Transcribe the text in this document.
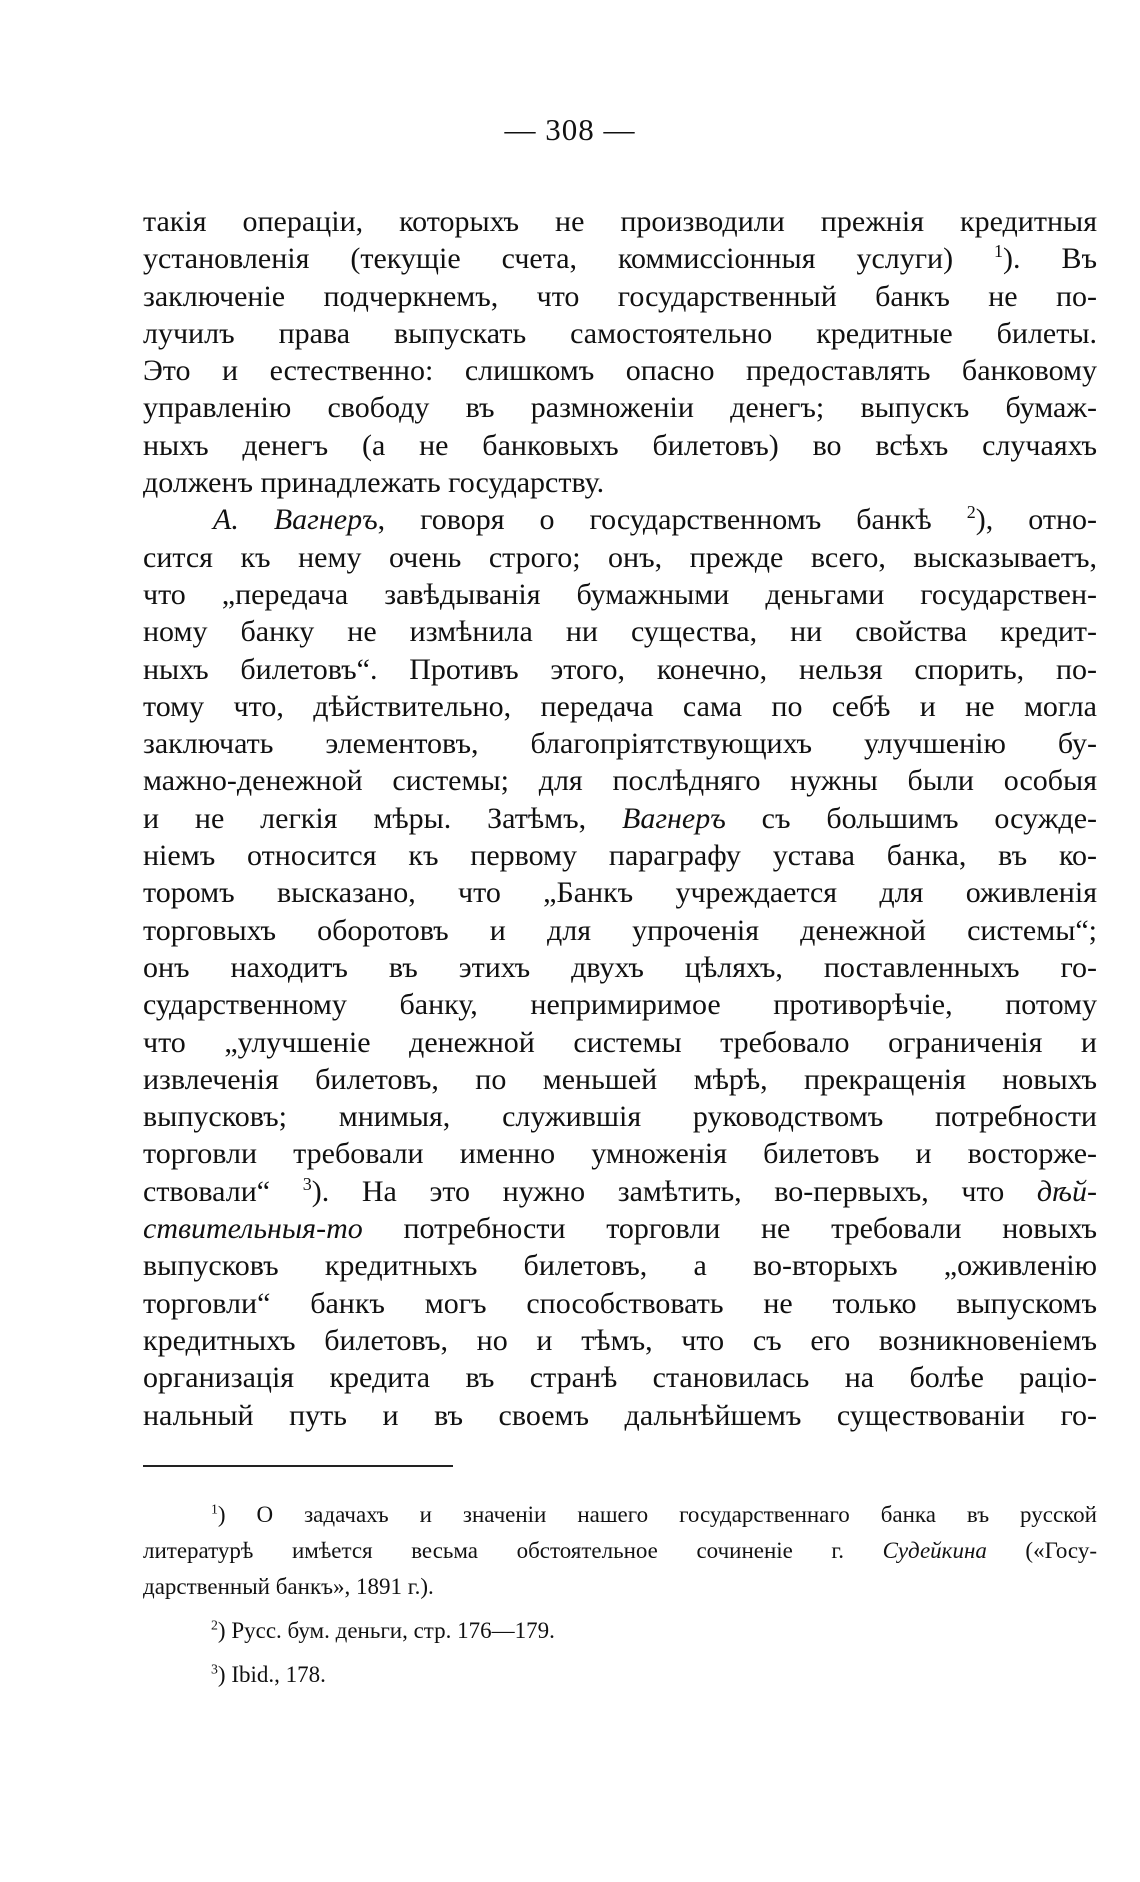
— 308 —
такія операціи, которыхъ не производили прежнія кредитныя
установленія (текущіе счета, коммиссіонныя услуги) $^1$). Въ
заключеніе подчеркнемъ, что государственный банкъ не по-
лучилъ права выпускать самостоятельно кредитные билеты.
Это и естественно: слишкомъ опасно предоставлять банковому
управленію свободу въ размноженіи денегъ; выпускъ бумаж-
ныхъ денегъ (а не банковыхъ билетовъ) во всѣхъ случаяхъ
долженъ принадлежать государству.
А. Вагнеръ, говоря о государственномъ банкѣ $^2$), отно-
сится къ нему очень строго; онъ, прежде всего, высказываетъ,
что „передача завѣдыванія бумажными деньгами государствен-
ному банку не измѣнила ни существа, ни свойства кредит-
ныхъ билетовъ“. Противъ этого, конечно, нельзя спорить, по-
тому что, дѣйствительно, передача сама по себѣ и не могла
заключать элементовъ, благопріятствующихъ улучшенію бу-
мажно-денежной системы; для послѣдняго нужны были особыя
и не легкія мѣры. Затѣмъ, Вагнеръ съ большимъ осужде-
ніемъ относится къ первому параграфу устава банка, въ ко-
торомъ высказано, что „Банкъ учреждается для оживленія
торговыхъ оборотовъ и для упроченія денежной системы“;
онъ находитъ въ этихъ двухъ цѣляхъ, поставленныхъ го-
сударственному банку, непримиримое противорѣчіе, потому
что „улучшеніе денежной системы требовало ограниченія и
извлеченія билетовъ, по меньшей мѣрѣ, прекращенія новыхъ
выпусковъ; мнимыя, служившія руководствомъ потребности
торговли требовали именно умноженія билетовъ и восторже-
ствовали“ $^3$). На это нужно замѣтить, во-первыхъ, что дѣй-
ствительныя-то потребности торговли не требовали новыхъ
выпусковъ кредитныхъ билетовъ, а во-вторыхъ „оживленію
торговли“ банкъ могъ способствовать не только выпускомъ
кредитныхъ билетовъ, но и тѣмъ, что съ его возникновеніемъ
организація кредита въ странѣ становилась на болѣе раціо-
нальный путь и въ своемъ дальнѣйшемъ существованіи го-
$^1$) О задачахъ и значеніи нашего государственнаго банка въ русской
литературѣ имѣется весьма обстоятельное сочиненіе г. Судейкина («Госу-
дарственный банкъ», 1891 г.).
$^2$) Русс. бум. деньги, стр. 176—179.
$^3$) Ibid., 178.
